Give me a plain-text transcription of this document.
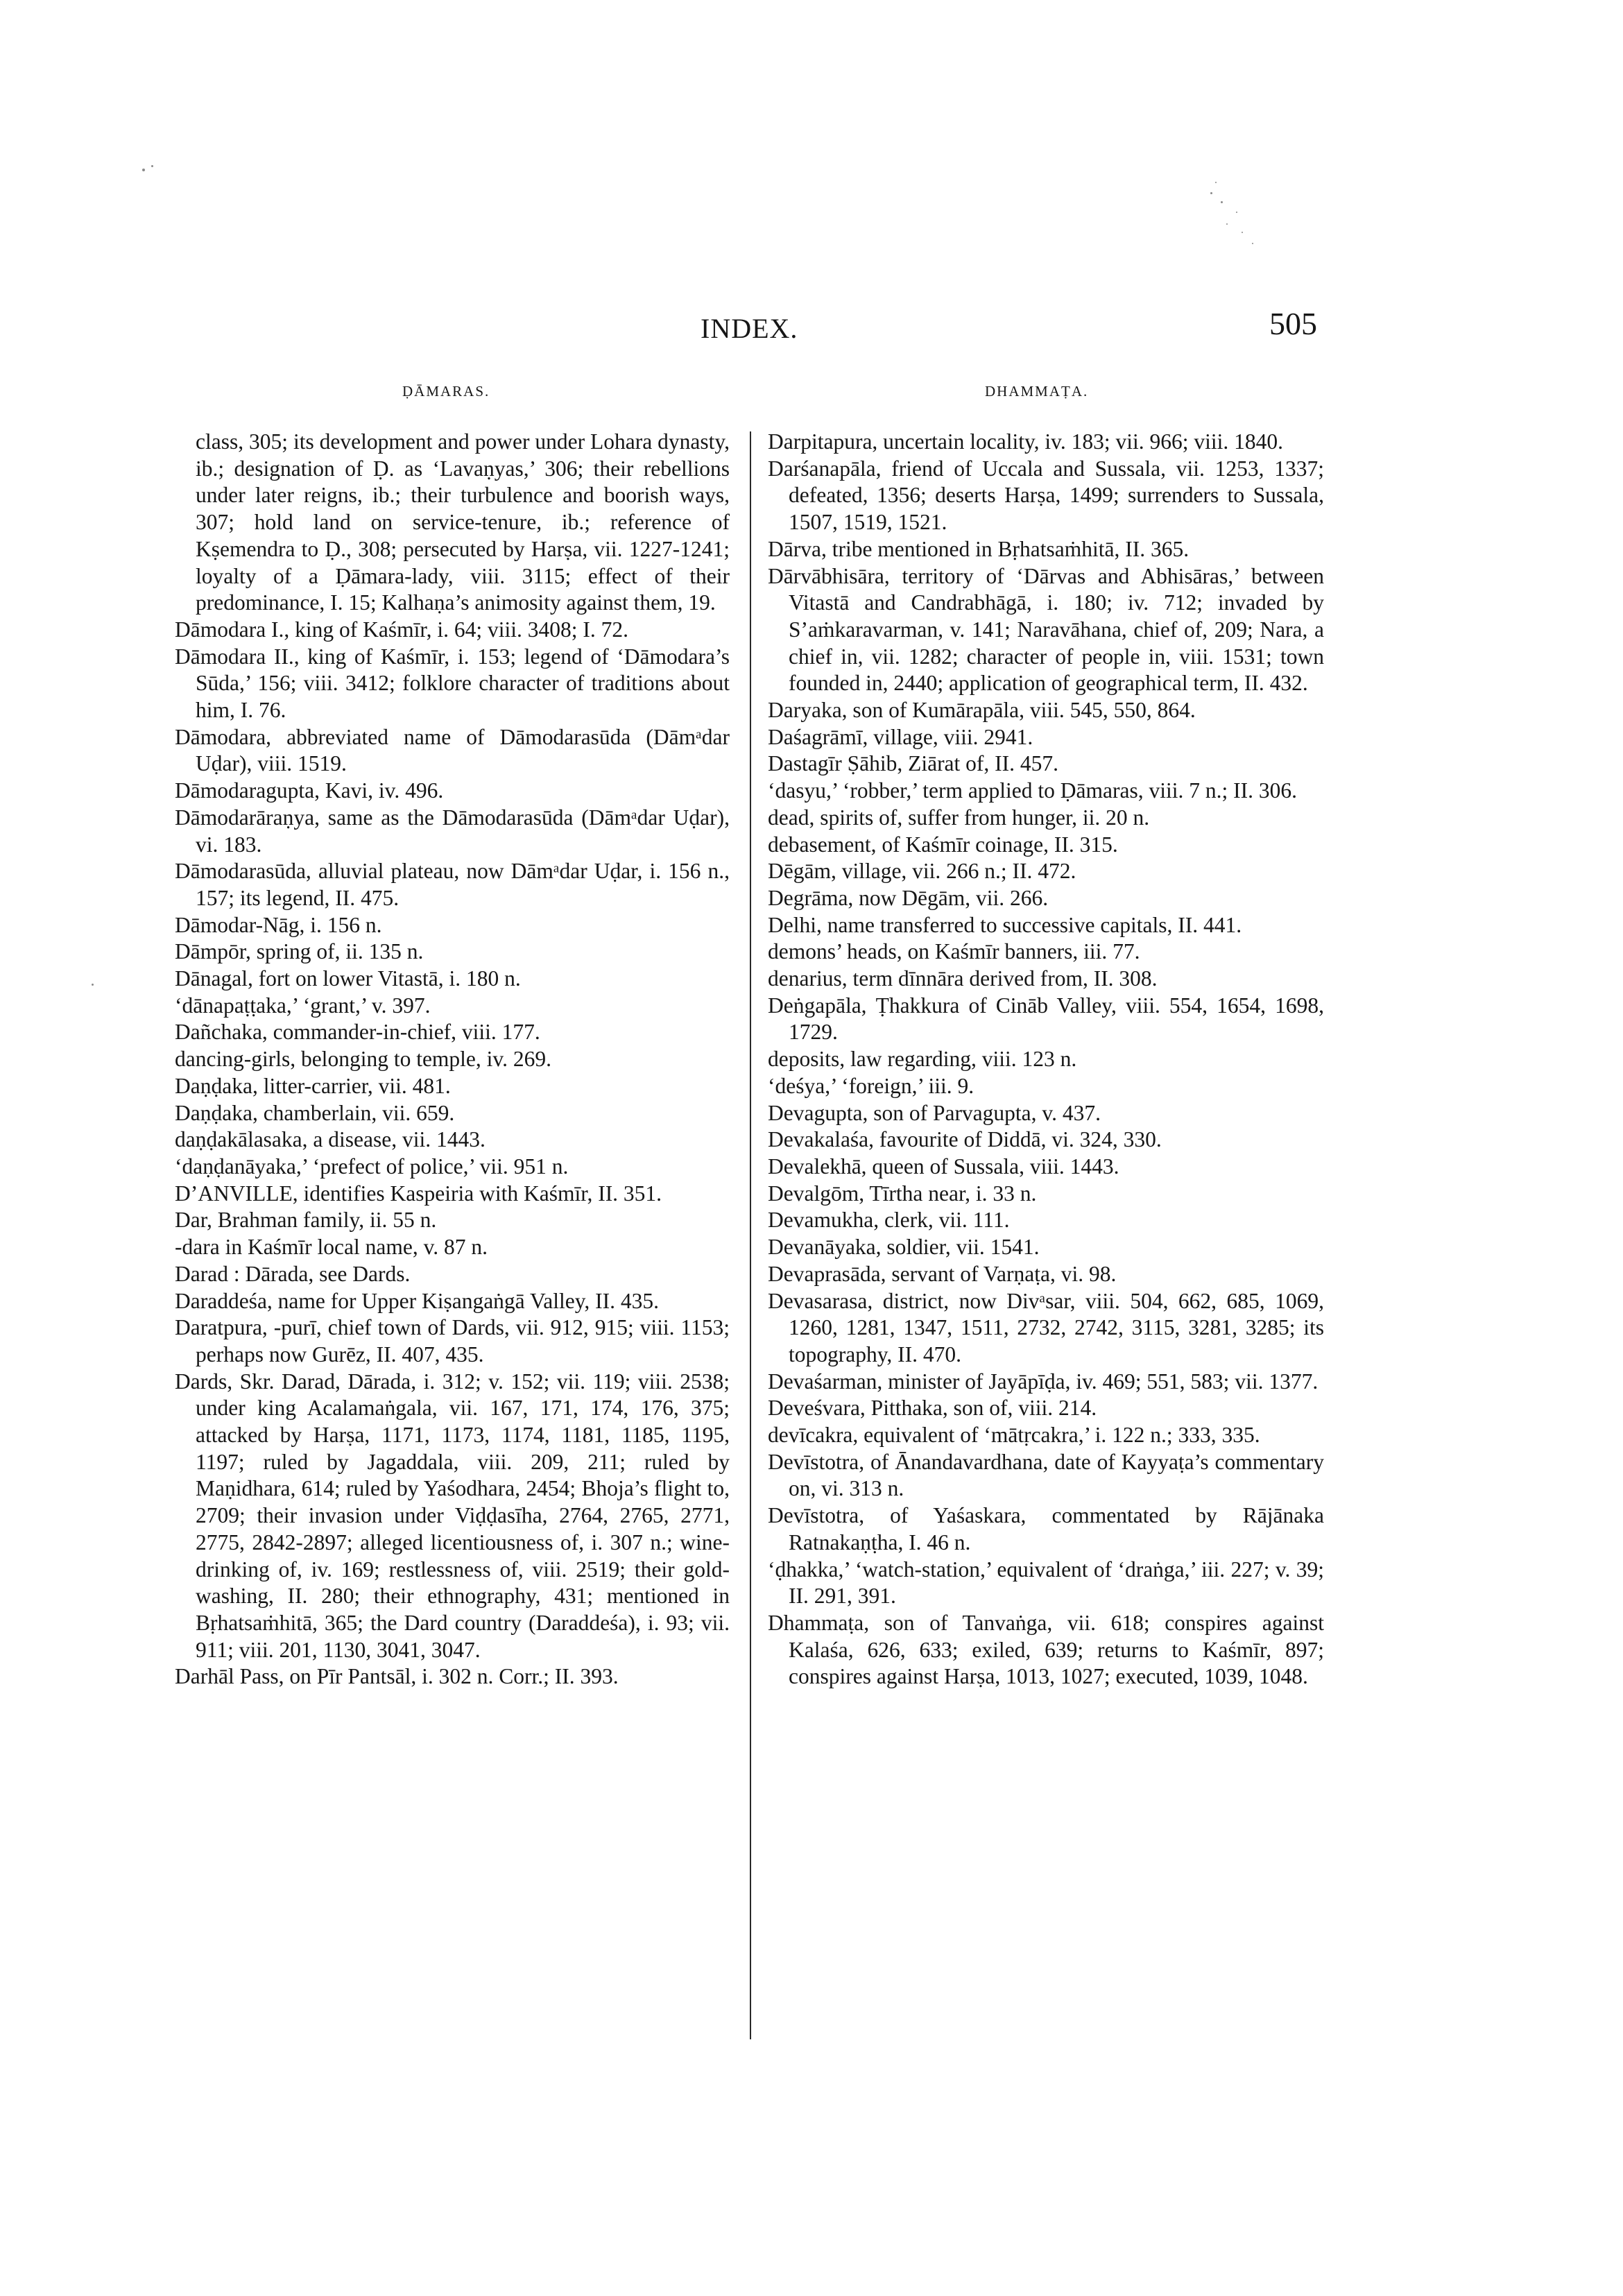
INDEX.	505
ḌĀMARAS.	DHAMMAṬA.
class, 305; its development and power under Lohara dynasty, ib.; designation of Ḍ. as ‘Lavaṇyas,’ 306; their rebellions under later reigns, ib.; their turbulence and boorish ways, 307; hold land on service-tenure, ib.; reference of Kṣemendra to Ḍ., 308; persecuted by Harṣa, vii. 1227-1241; loyalty of a Ḍāmara-lady, viii. 3115; effect of their predominance, I. 15; Kalhaṇa’s animosity against them, 19.
Dāmodara I., king of Kaśmīr, i. 64; viii. 3408; I. 72.
Dāmodara II., king of Kaśmīr, i. 153; legend of ‘Dāmodara’s Sūda,’ 156; viii. 3412; folklore character of traditions about him, I. 76.
Dāmodara, abbreviated name of Dāmodarasūda (Dāmᵃdar Uḍar), viii. 1519.
Dāmodaragupta, Kavi, iv. 496.
Dāmodarāraṇya, same as the Dāmodarasūda (Dāmᵃdar Uḍar), vi. 183.
Dāmodarasūda, alluvial plateau, now Dāmᵃdar Uḍar, i. 156 n., 157; its legend, II. 475.
Dāmodar-Nāg, i. 156 n.
Dāmpōr, spring of, ii. 135 n.
Dānagal, fort on lower Vitastā, i. 180 n.
‘dānapaṭṭaka,’ ‘grant,’ v. 397.
Dañchaka, commander-in-chief, viii. 177.
dancing-girls, belonging to temple, iv. 269.
Daṇḍaka, litter-carrier, vii. 481.
Daṇḍaka, chamberlain, vii. 659.
daṇḍakālasaka, a disease, vii. 1443.
‘daṇḍanāyaka,’ ‘prefect of police,’ vii. 951 n.
D’ANVILLE, identifies Kaspeiria with Kaśmīr, II. 351.
Dar, Brahman family, ii. 55 n.
-dara in Kaśmīr local name, v. 87 n.
Darad : Dārada, see Dards.
Daraddeśa, name for Upper Kiṣangaṅgā Valley, II. 435.
Daratpura, -purī, chief town of Dards, vii. 912, 915; viii. 1153; perhaps now Gurēz, II. 407, 435.
Dards, Skr. Darad, Dārada, i. 312; v. 152; vii. 119; viii. 2538; under king Acalamaṅgala, vii. 167, 171, 174, 176, 375; attacked by Harṣa, 1171, 1173, 1174, 1181, 1185, 1195, 1197; ruled by Jagaddala, viii. 209, 211; ruled by Maṇidhara, 614; ruled by Yaśodhara, 2454; Bhoja’s flight to, 2709; their invasion under Viḍḍasīha, 2764, 2765, 2771, 2775, 2842-2897; alleged licentiousness of, i. 307 n.; wine-drinking of, iv. 169; restlessness of, viii. 2519; their gold-washing, II. 280; their ethnography, 431; mentioned in Bṛhatsaṁhitā, 365; the Dard country (Daraddeśa), i. 93; vii. 911; viii. 201, 1130, 3041, 3047.
Darhāl Pass, on Pīr Pantsāl, i. 302 n. Corr.; II. 393.
Darpitapura, uncertain locality, iv. 183; vii. 966; viii. 1840.
Darśanapāla, friend of Uccala and Sussala, vii. 1253, 1337; defeated, 1356; deserts Harṣa, 1499; surrenders to Sussala, 1507, 1519, 1521.
Dārva, tribe mentioned in Bṛhatsaṁhitā, II. 365.
Dārvābhisāra, territory of ‘Dārvas and Abhisāras,’ between Vitastā and Candrabhāgā, i. 180; iv. 712; invaded by S’aṁkaravarman, v. 141; Naravāhana, chief of, 209; Nara, a chief in, vii. 1282; character of people in, viii. 1531; town founded in, 2440; application of geographical term, II. 432.
Daryaka, son of Kumārapāla, viii. 545, 550, 864.
Daśagrāmī, village, viii. 2941.
Dastagīr Ṣāhib, Ziārat of, II. 457.
‘dasyu,’ ‘robber,’ term applied to Ḍāmaras, viii. 7 n.; II. 306.
dead, spirits of, suffer from hunger, ii. 20 n.
debasement, of Kaśmīr coinage, II. 315.
Dēgām, village, vii. 266 n.; II. 472.
Degrāma, now Dēgām, vii. 266.
Delhi, name transferred to successive capitals, II. 441.
demons’ heads, on Kaśmīr banners, iii. 77.
denarius, term dīnnāra derived from, II. 308.
Deṅgapāla, Ṭhakkura of Cināb Valley, viii. 554, 1654, 1698, 1729.
deposits, law regarding, viii. 123 n.
‘deśya,’ ‘foreign,’ iii. 9.
Devagupta, son of Parvagupta, v. 437.
Devakalaśa, favourite of Diddā, vi. 324, 330.
Devalekhā, queen of Sussala, viii. 1443.
Devalgōm, Tīrtha near, i. 33 n.
Devamukha, clerk, vii. 111.
Devanāyaka, soldier, vii. 1541.
Devaprasāda, servant of Varṇaṭa, vi. 98.
Devasarasa, district, now Divᵃsar, viii. 504, 662, 685, 1069, 1260, 1281, 1347, 1511, 2732, 2742, 3115, 3281, 3285; its topography, II. 470.
Devaśarman, minister of Jayāpīḍa, iv. 469; 551, 583; vii. 1377.
Deveśvara, Pitthaka, son of, viii. 214.
devīcakra, equivalent of ‘mātṛcakra,’ i. 122 n.; 333, 335.
Devīstotra, of Ānandavardhana, date of Kayyaṭa’s commentary on, vi. 313 n.
Devīstotra, of Yaśaskara, commentated by Rājānaka Ratnakaṇṭha, I. 46 n.
‘ḍhakka,’ ‘watch-station,’ equivalent of ‘draṅga,’ iii. 227; v. 39; II. 291, 391.
Dhammaṭa, son of Tanvaṅga, vii. 618; conspires against Kalaśa, 626, 633; exiled, 639; returns to Kaśmīr, 897; conspires against Harṣa, 1013, 1027; executed, 1039, 1048.
